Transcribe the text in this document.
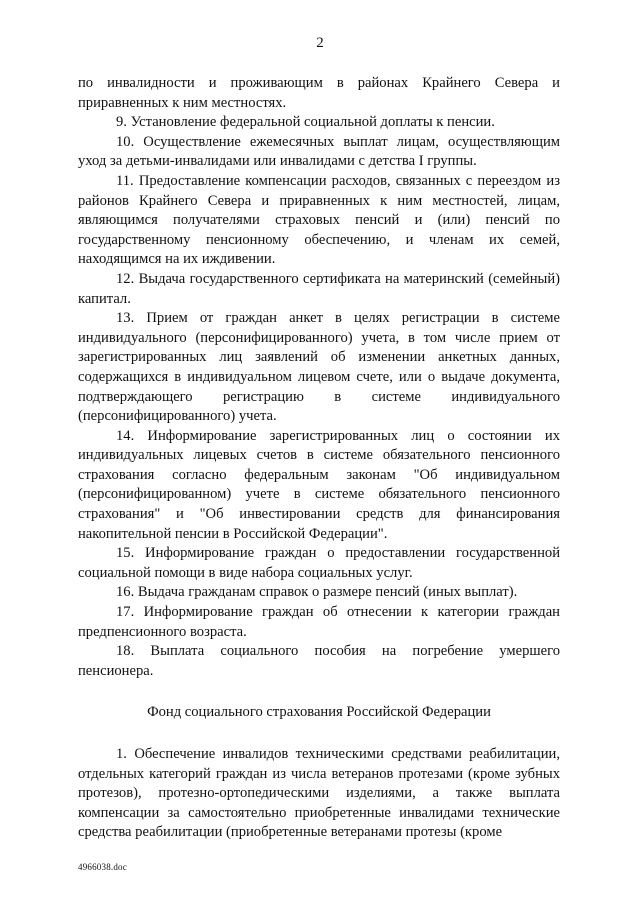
2

по инвалидности и проживающим в районах Крайнего Севера и приравненных к ним местностях.

9. Установление федеральной социальной доплаты к пенсии.

10. Осуществление ежемесячных выплат лицам, осуществляющим уход за детьми-инвалидами или инвалидами с детства I группы.

11. Предоставление компенсации расходов, связанных с переездом из районов Крайнего Севера и приравненных к ним местностей, лицам, являющимся получателями страховых пенсий и (или) пенсий по государственному пенсионному обеспечению, и членам их семей, находящимся на их иждивении.

12. Выдача государственного сертификата на материнский (семейный) капитал.

13. Прием от граждан анкет в целях регистрации в системе индивидуального (персонифицированного) учета, в том числе прием от зарегистрированных лиц заявлений об изменении анкетных данных, содержащихся в индивидуальном лицевом счете, или о выдаче документа, подтверждающего регистрацию в системе индивидуального (персонифицированного) учета.

14. Информирование зарегистрированных лиц о состоянии их индивидуальных лицевых счетов в системе обязательного пенсионного страхования согласно федеральным законам "Об индивидуальном (персонифицированном) учете в системе обязательного пенсионного страхования" и "Об инвестировании средств для финансирования накопительной пенсии в Российской Федерации".

15. Информирование граждан о предоставлении государственной социальной помощи в виде набора социальных услуг.

16. Выдача гражданам справок о размере пенсий (иных выплат).

17. Информирование граждан об отнесении к категории граждан предпенсионного возраста.

18. Выплата социального пособия на погребение умершего пенсионера.

Фонд социального страхования Российской Федерации

1. Обеспечение инвалидов техническими средствами реабилитации, отдельных категорий граждан из числа ветеранов протезами (кроме зубных протезов), протезно-ортопедическими изделиями, а также выплата компенсации за самостоятельно приобретенные инвалидами технические средства реабилитации (приобретенные ветеранами протезы (кроме

4966038.doc
